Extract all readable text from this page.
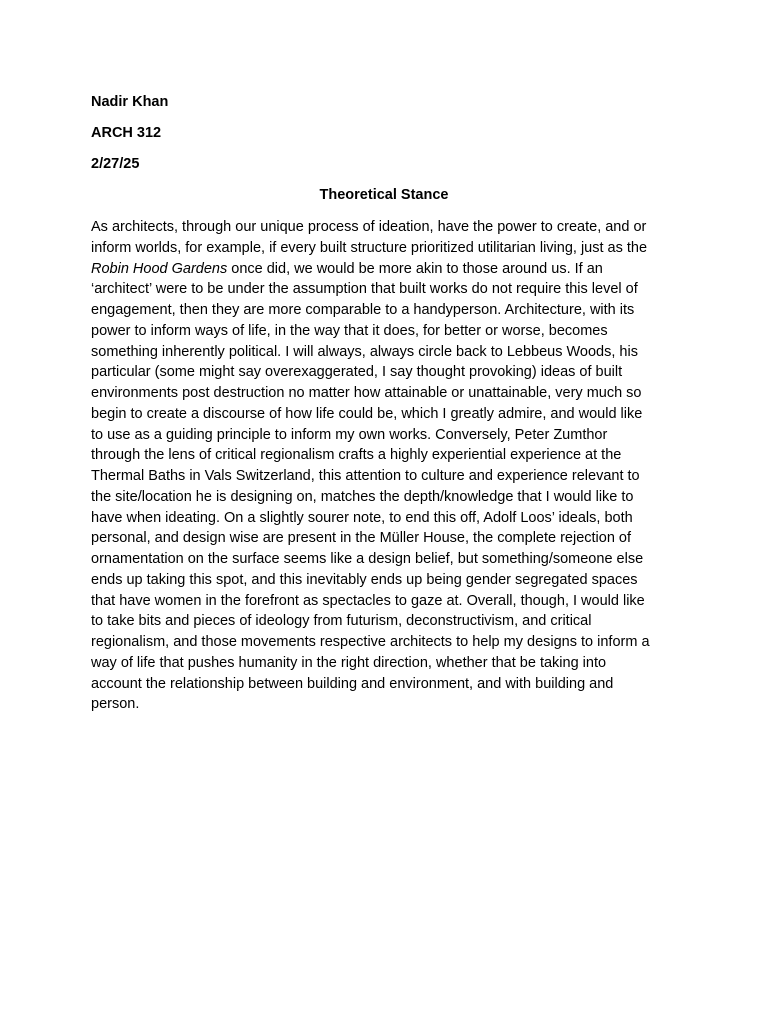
Nadir Khan
ARCH 312
2/27/25
Theoretical Stance

As architects, through our unique process of ideation, have the power to create, and or
inform worlds, for example, if every built structure prioritized utilitarian living, just as the
Robin Hood Gardens once did, we would be more akin to those around us. If an
‘architect’ were to be under the assumption that built works do not require this level of
engagement, then they are more comparable to a handyperson. Architecture, with its
power to inform ways of life, in the way that it does, for better or worse, becomes
something inherently political. I will always, always circle back to Lebbeus Woods, his
particular (some might say overexaggerated, I say thought provoking) ideas of built
environments post destruction no matter how attainable or unattainable, very much so
begin to create a discourse of how life could be, which I greatly admire, and would like
to use as a guiding principle to inform my own works. Conversely, Peter Zumthor
through the lens of critical regionalism crafts a highly experiential experience at the
Thermal Baths in Vals Switzerland, this attention to culture and experience relevant to
the site/location he is designing on, matches the depth/knowledge that I would like to
have when ideating. On a slightly sourer note, to end this off, Adolf Loos’ ideals, both
personal, and design wise are present in the Müller House, the complete rejection of
ornamentation on the surface seems like a design belief, but something/someone else
ends up taking this spot, and this inevitably ends up being gender segregated spaces
that have women in the forefront as spectacles to gaze at. Overall, though, I would like
to take bits and pieces of ideology from futurism, deconstructivism, and critical
regionalism, and those movements respective architects to help my designs to inform a
way of life that pushes humanity in the right direction, whether that be taking into
account the relationship between building and environment, and with building and
person.
